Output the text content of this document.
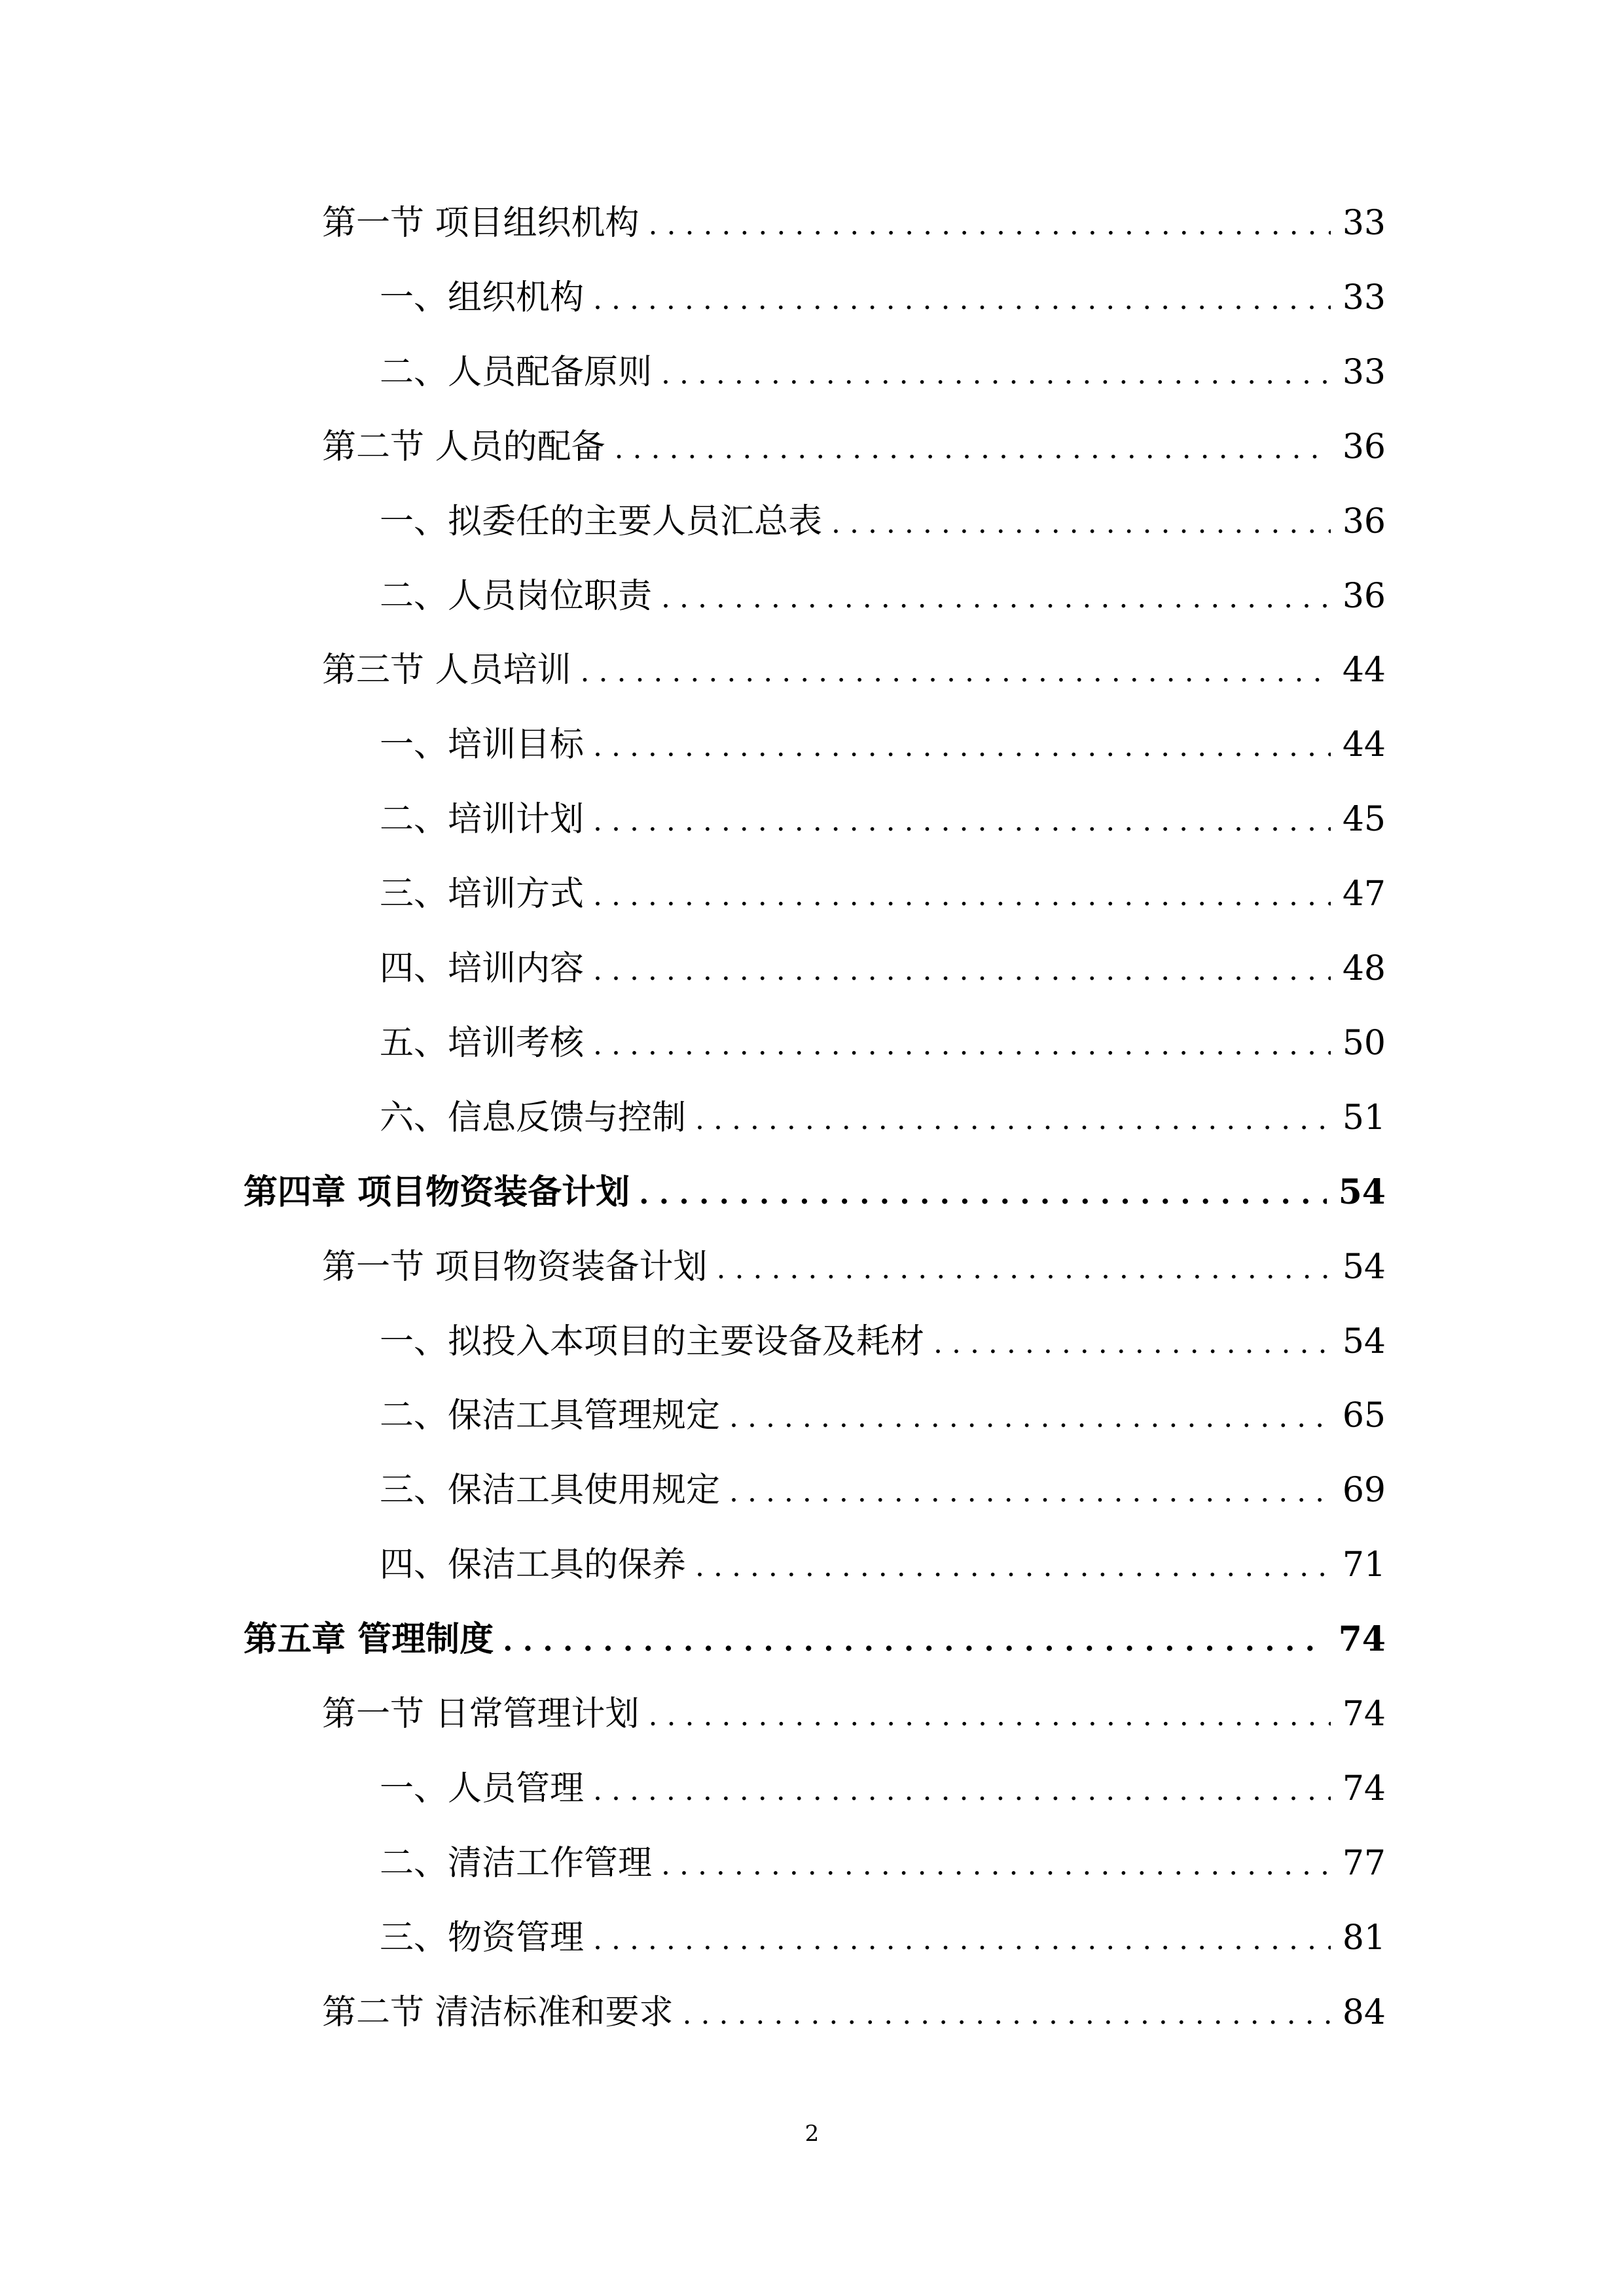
第一节 项目组织机构 . . .	33
一、组织机构 . . .	33
二、人员配备原则 . . .	33
第二节 人员的配备 . . .	36
一、拟委任的主要人员汇总表 . . .	36
二、人员岗位职责 . . .	36
第三节 人员培训 . . .	44
一、培训目标 . . .	44
二、培训计划 . . .	45
三、培训方式 . . .	47
四、培训内容 . . .	48
五、培训考核 . . .	50
六、信息反馈与控制 . . .	51
第四章 项目物资装备计划 . . .	54
第一节 项目物资装备计划 . . .	54
一、拟投入本项目的主要设备及耗材 . . .	54
二、保洁工具管理规定 . . .	65
三、保洁工具使用规定 . . .	69
四、保洁工具的保养 . . .	71
第五章 管理制度 . . .	74
第一节 日常管理计划 . . .	74
一、人员管理 . . .	74
二、清洁工作管理 . . .	77
三、物资管理 . . .	81
第二节 清洁标准和要求 . . .	84
2
